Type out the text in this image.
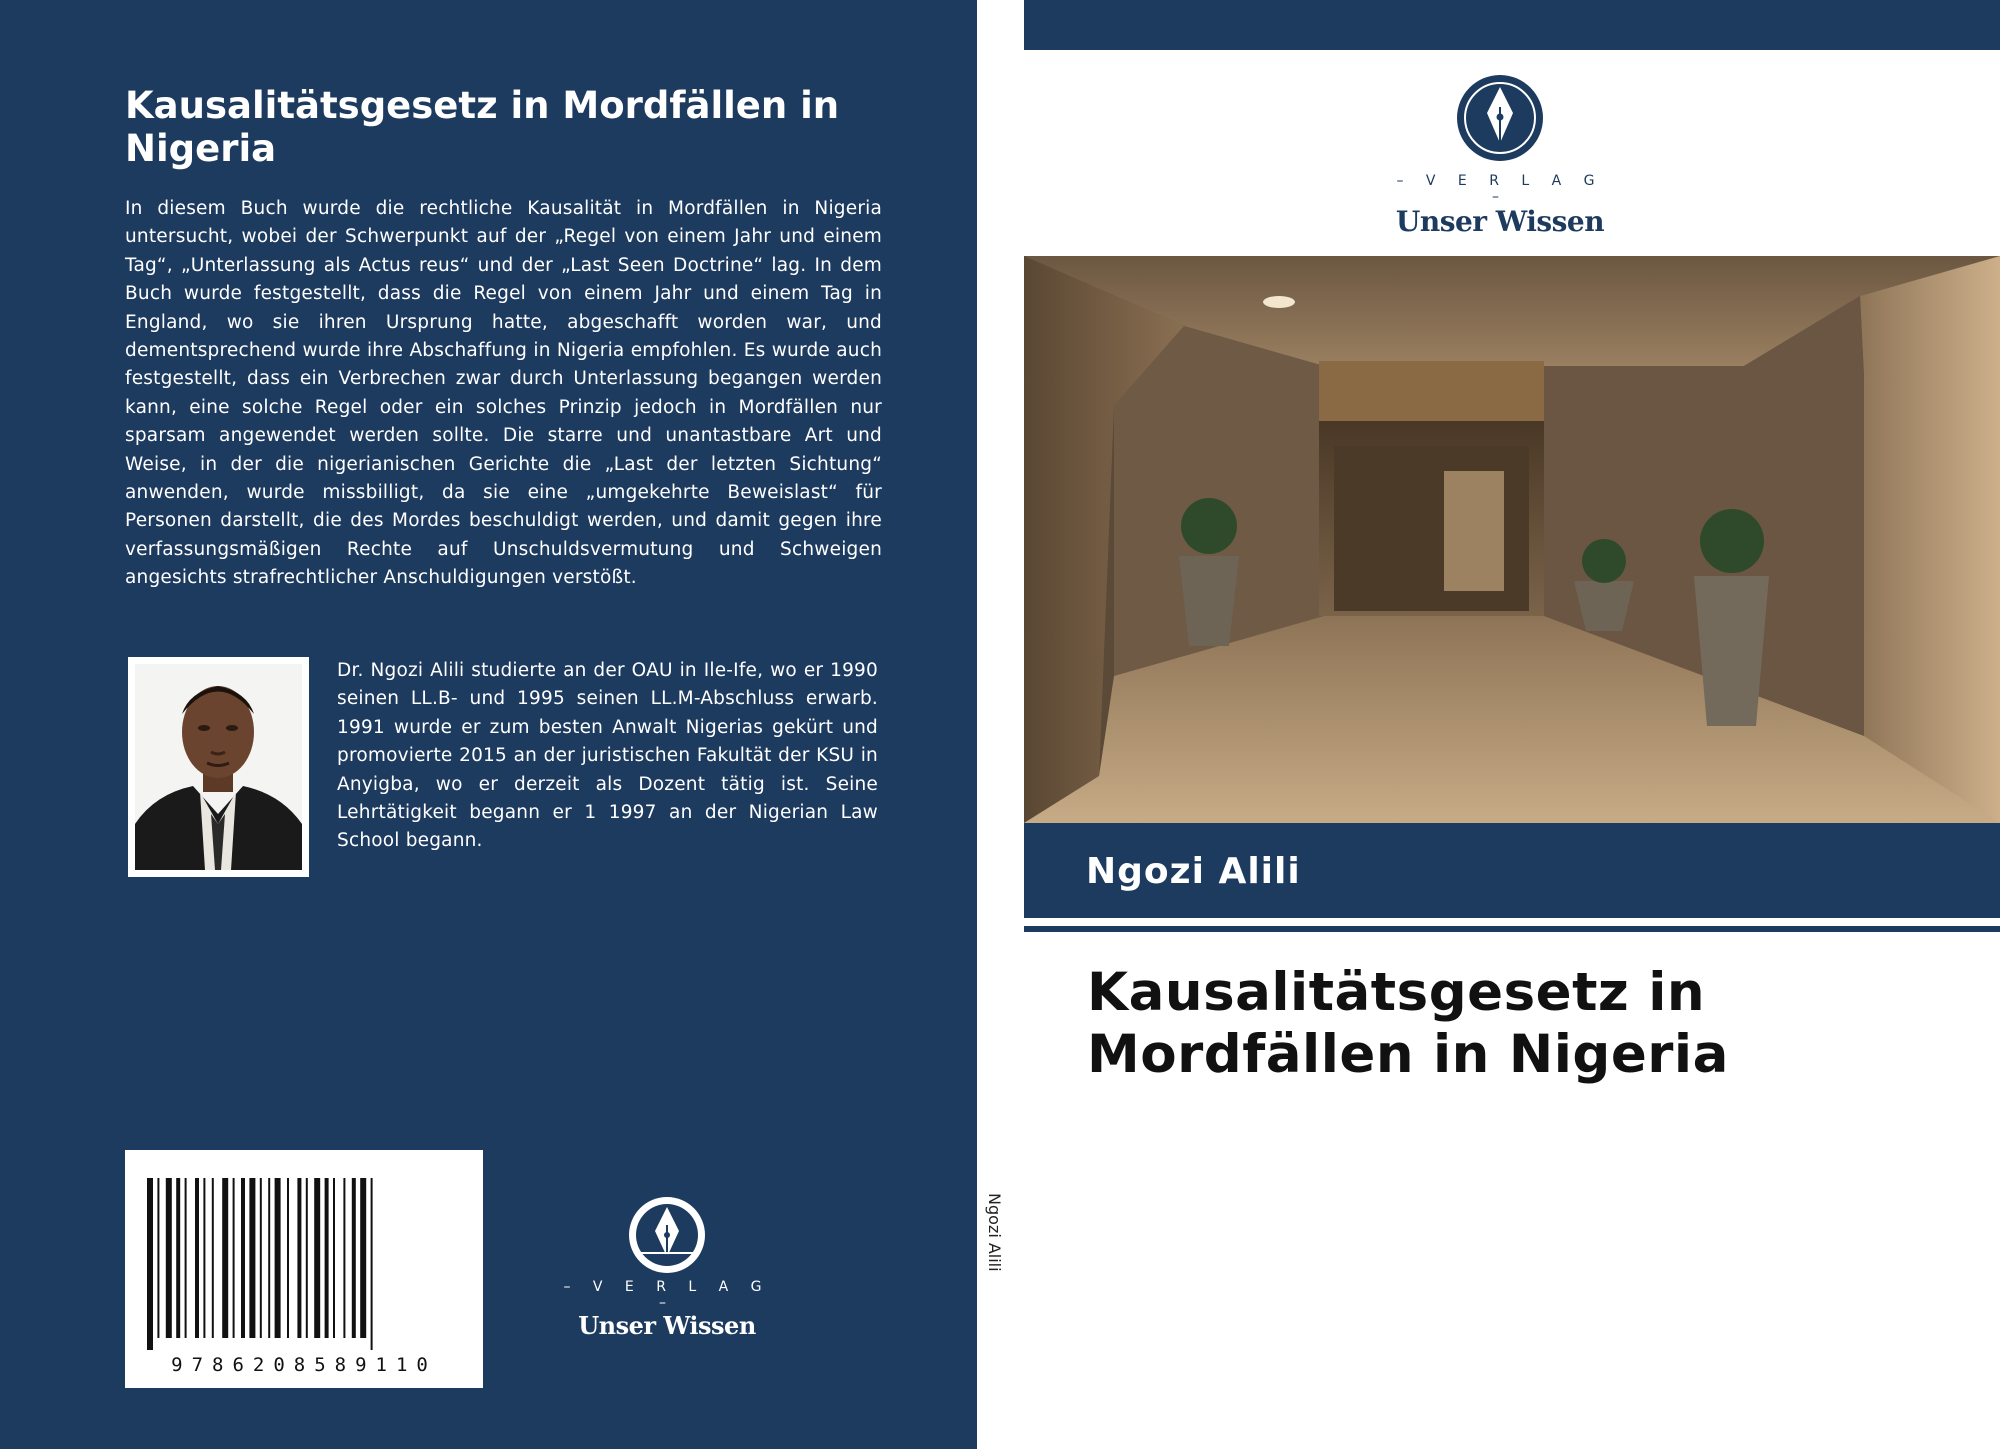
Kausalitätsgesetz in Mordfällen in Nigeria

In diesem Buch wurde die rechtliche Kausalität in Mordfällen in Nigeria untersucht, wobei der Schwerpunkt auf der „Regel von einem Jahr und einem Tag“, „Unterlassung als Actus reus“ und der „Last Seen Doctrine“ lag. In dem Buch wurde festgestellt, dass die Regel von einem Jahr und einem Tag in England, wo sie ihren Ursprung hatte, abgeschafft worden war, und dementsprechend wurde ihre Abschaffung in Nigeria empfohlen. Es wurde auch festgestellt, dass ein Verbrechen zwar durch Unterlassung begangen werden kann, eine solche Regel oder ein solches Prinzip jedoch in Mordfällen nur sparsam angewendet werden sollte. Die starre und unantastbare Art und Weise, in der die nigerianischen Gerichte die „Last der letzten Sichtung“ anwenden, wurde missbilligt, da sie eine „umgekehrte Beweislast“ für Personen darstellt, die des Mordes beschuldigt werden, und damit gegen ihre verfassungsmäßigen Rechte auf Unschuldsvermutung und Schweigen angesichts strafrechtlicher Anschuldigungen verstößt.

Dr. Ngozi Alili studierte an der OAU in Ile-Ife, wo er 1990 seinen LL.B- und 1995 seinen LL.M-Abschluss erwarb. 1991 wurde er zum besten Anwalt Nigerias gekürt und promovierte 2015 an der juristischen Fakultät der KSU in Anyigba, wo er derzeit als Dozent tätig ist. Seine Lehrtätigkeit begann er 1 1997 an der Nigerian Law School begann.

9786208589110
– V E R L A G –
Unser Wissen
Ngozi Alili
– V E R L A G –
Unser Wissen
Ngozi Alili
Kausalitätsgesetz in Mordfällen in Nigeria
